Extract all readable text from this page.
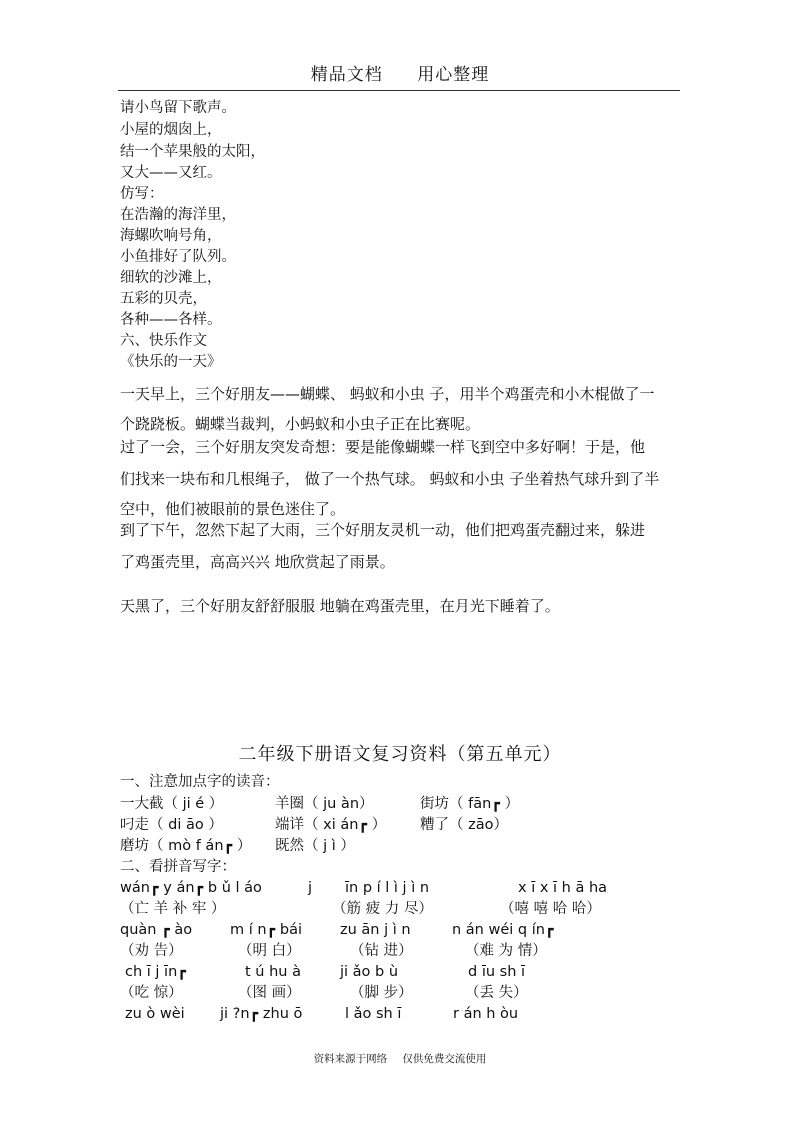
精品文档 用心整理
请小鸟留下歌声。
小屋的烟囱上，
结一个苹果般的太阳，
又大——又红。
仿写：
在浩瀚的海洋里，
海螺吹响号角，
小鱼排好了队列。
细软的沙滩上，
五彩的贝壳，
各种——各样。
六、快乐作文
《快乐的一天》
一天早上，三个好朋友——蝴蝶、 蚂蚁和小虫 子，用半个鸡蛋壳和小木棍做了一
个跷跷板。蝴蝶当裁判，小蚂蚁和小虫子正在比赛呢。
过了一会，三个好朋友突发奇想：要是能像蝴蝶一样飞到空中多好啊！于是，他
们找来一块布和几根绳子， 做了一个热气球。 蚂蚁和小虫 子坐着热气球升到了半
空中，他们被眼前的景色迷住了。
到了下午，忽然下起了大雨，三个好朋友灵机一动，他们把鸡蛋壳翻过来，躲进
了鸡蛋壳里，高高兴兴 地欣赏起了雨景。
天黑了，三个好朋友舒舒服服 地躺在鸡蛋壳里，在月光下睡着了。
二年级下册语文复习资料（第五单元）
一、注意加点字的读音：
一大截（ ji é ）	羊圈（ ju àn）	街坊（ fān┏ ）
叼走（ di āo ）	端详（ xi án┏ ） 糟了（ zāo）
磨坊（ mò f án┏ ） 既然（ j ì ）
二、看拼音写字：
wán┏ y án┏ b ǔ l áo	j īn p í l ì j ì n	x ī x ī h ā ha
（亡 羊 补 牢 ）	（筋 疲 力 尽）	（嘻 嘻 哈 哈）
quàn ┏ ào	m í n┏ bái	zu ān j ì n	n án wéi q ín┏
（劝 告）	（明 白）	（钻 进）	（难 为 情）
ch ī j īn┏	t ú hu à	ji ǎo b ù	d īu sh ī
（吃 惊）	（图 画）	（脚 步）	（丢 失）
zu ò wèi ji ?n┏ zhu ō	l ǎo sh ī	r án h òu
资料来源于网络 仅供免费交流使用
